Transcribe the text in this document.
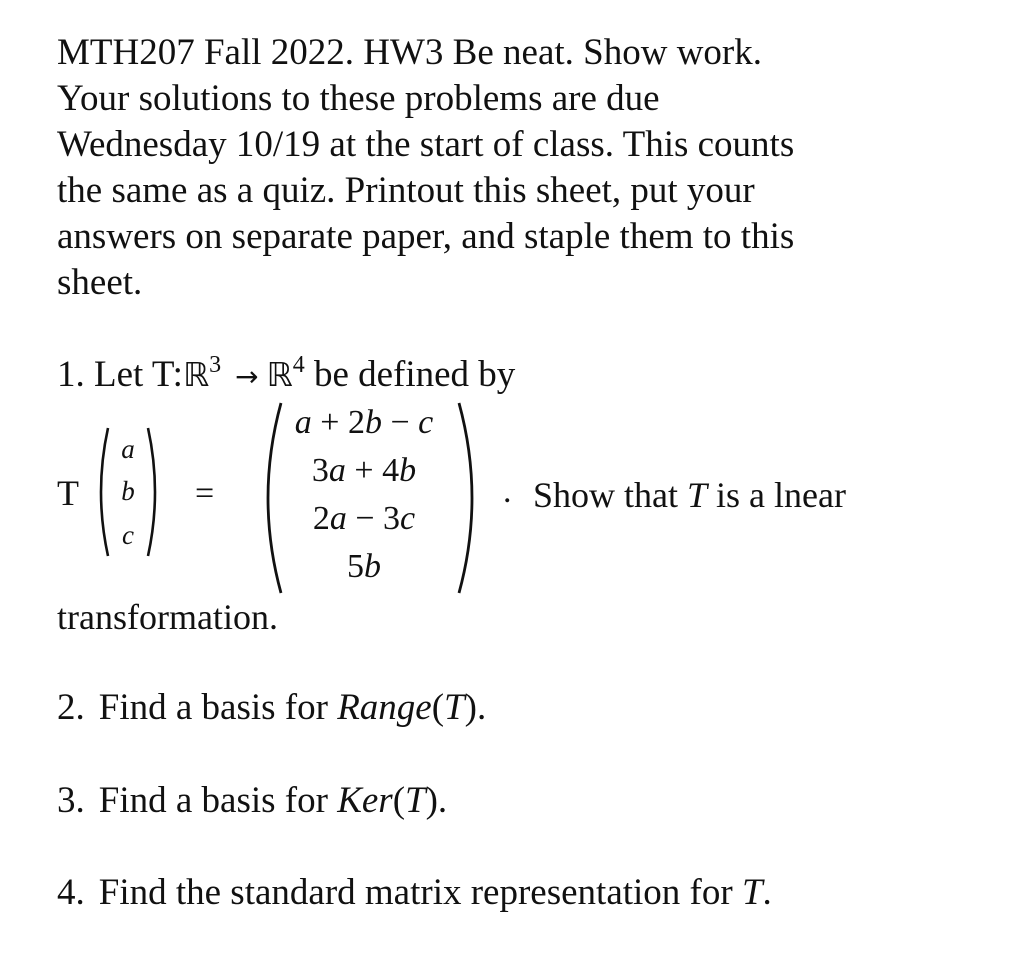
MTH207 Fall 2022. HW3 Be neat. Show work.
Your solutions to these problems are due
Wednesday 10/19 at the start of class. This counts
the same as a quiz. Printout this sheet, put your
answers on separate paper, and staple them to this
sheet.
1. Let T:ℝ$^3$ → ℝ$^4$ be defined by
T
a
b
c
=
a + 2b − c
3a + 4b
2a − 3c
5b
. Show that T is a lnear
transformation.
2. Find a basis for Range(T).
3. Find a basis for Ker(T).
4. Find the standard matrix representation for T.
